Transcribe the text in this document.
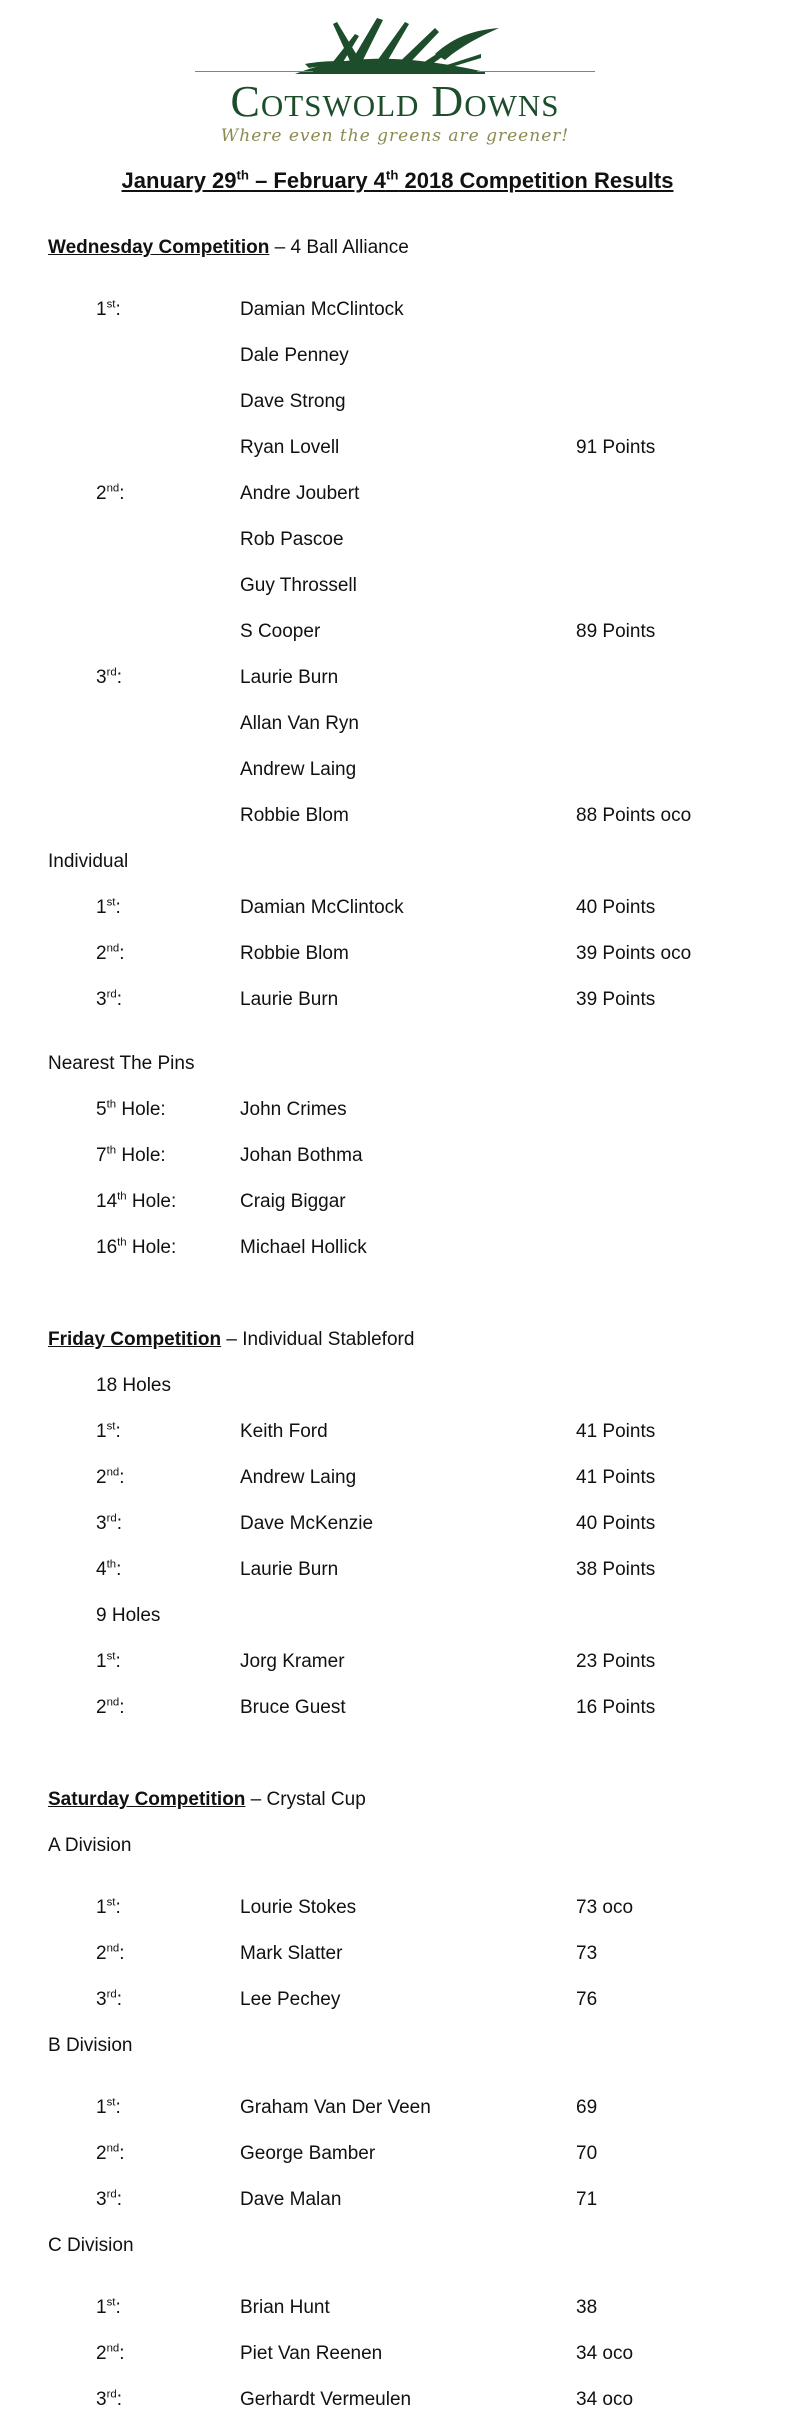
Cotswold Downs
Where even the greens are greener!
January 29th – February 4th 2018 Competition Results
Wednesday Competition – 4 Ball Alliance
1st:	Damian McClintock
Dale Penney
Dave Strong
Ryan Lovell	91 Points
2nd:	Andre Joubert
Rob Pascoe
Guy Throssell
S Cooper	89 Points
3rd:	Laurie Burn
Allan Van Ryn
Andrew Laing
Robbie Blom	88 Points oco
Individual
1st:	Damian McClintock	40 Points
2nd:	Robbie Blom	39 Points oco
3rd:	Laurie Burn	39 Points
Nearest The Pins
5th Hole:	John Crimes
7th Hole:	Johan Bothma
14th Hole:	Craig Biggar
16th Hole:	Michael Hollick
Friday Competition – Individual Stableford
18 Holes
1st:	Keith Ford	41 Points
2nd:	Andrew Laing	41 Points
3rd:	Dave McKenzie	40 Points
4th:	Laurie Burn	38 Points
9 Holes
1st:	Jorg Kramer	23 Points
2nd:	Bruce Guest	16 Points
Saturday Competition – Crystal Cup
A Division
1st:	Lourie Stokes	73 oco
2nd:	Mark Slatter	73
3rd:	Lee Pechey	76
B Division
1st:	Graham Van Der Veen	69
2nd:	George Bamber	70
3rd:	Dave Malan	71
C Division
1st:	Brian Hunt	38
2nd:	Piet Van Reenen	34 oco
3rd:	Gerhardt Vermeulen	34 oco
